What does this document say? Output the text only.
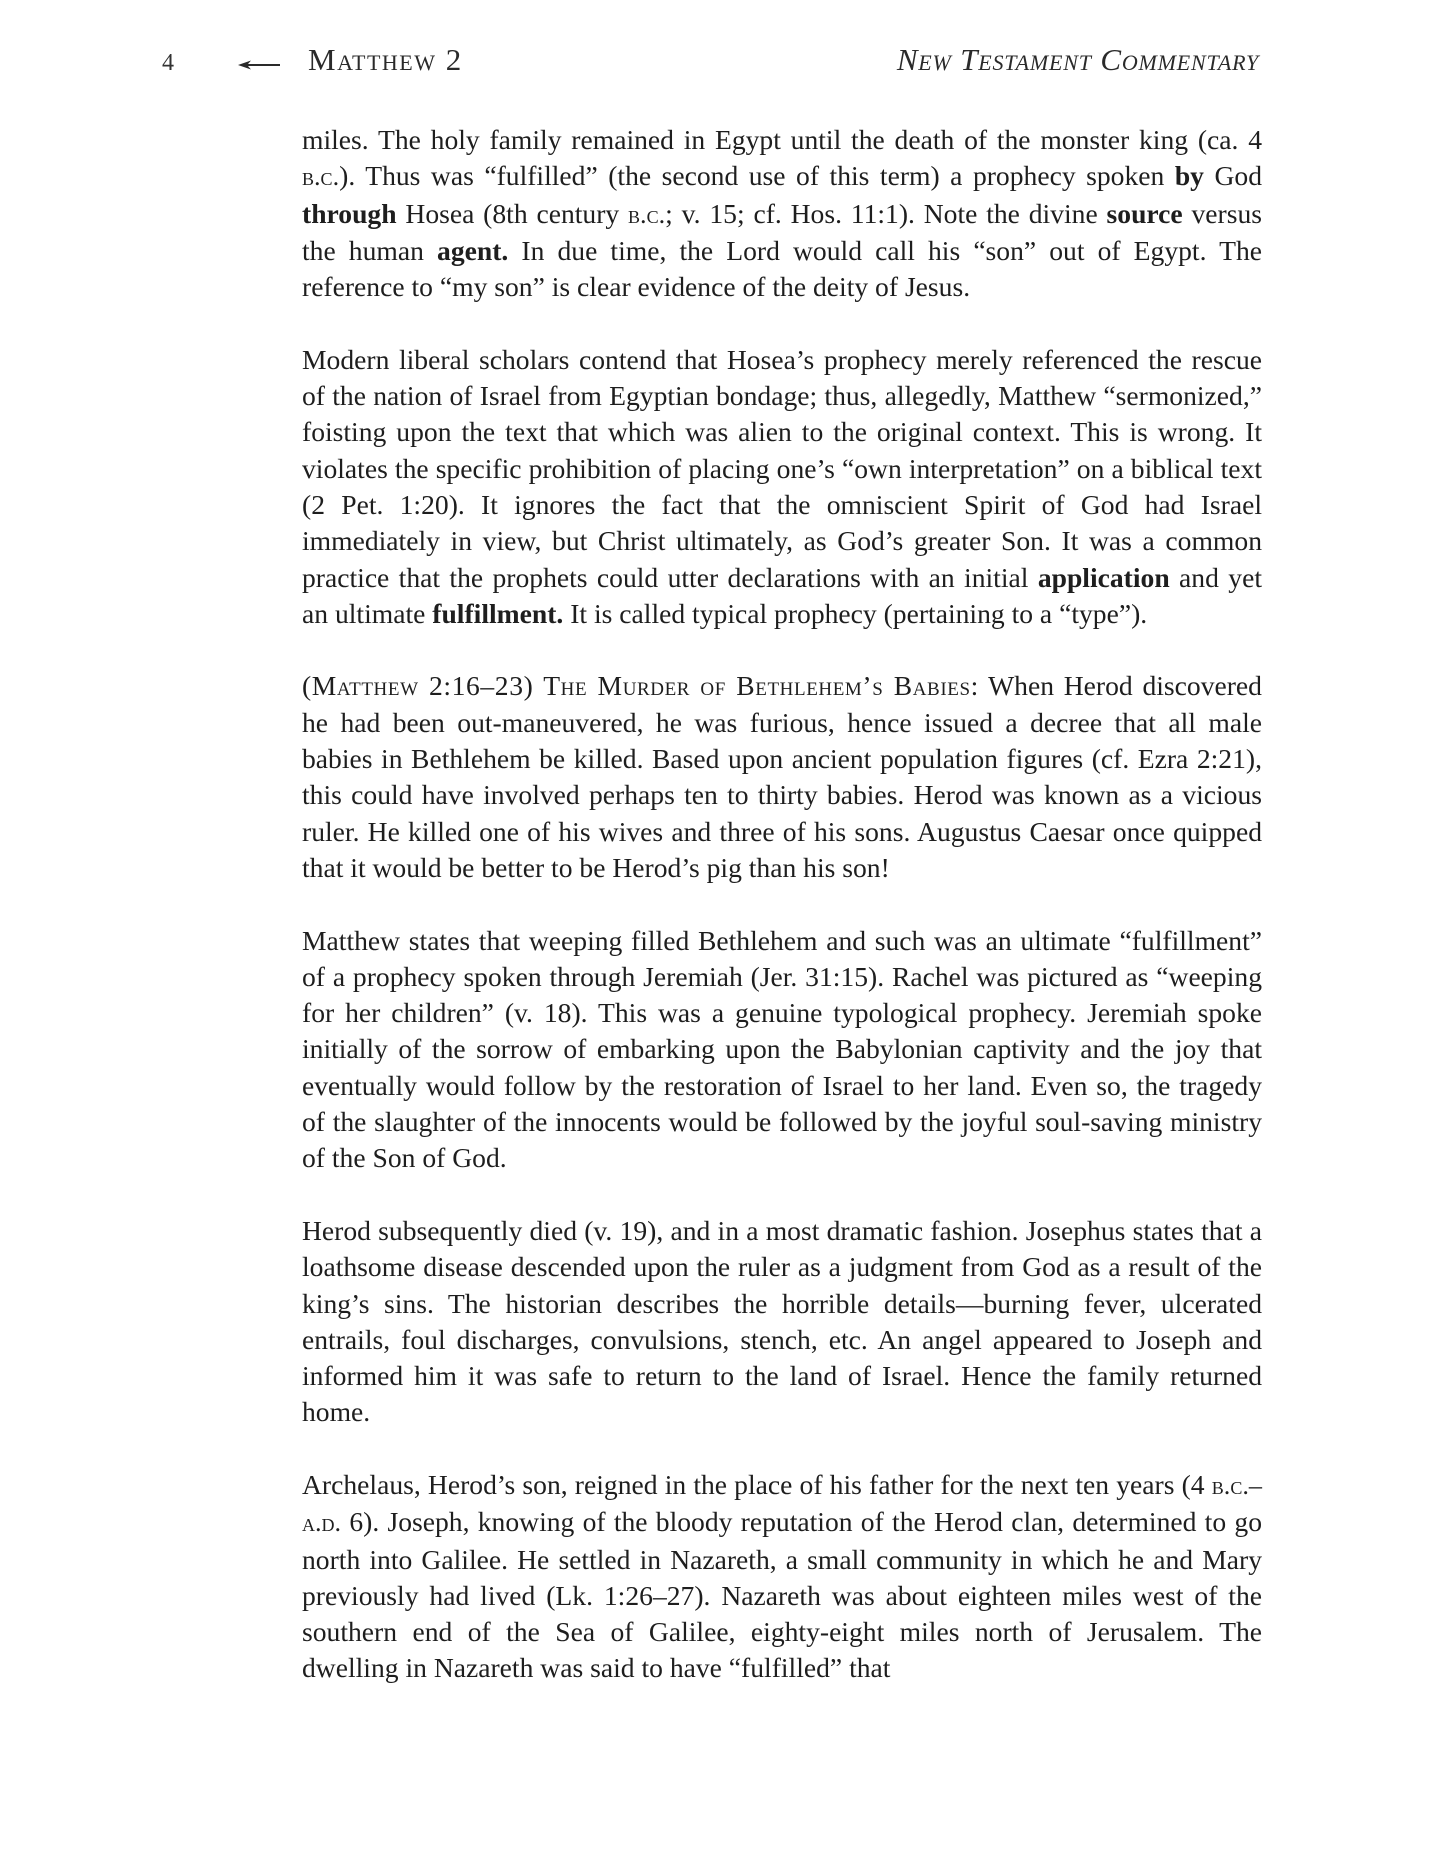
4	Matthew 2	New Testament Commentary

miles. The holy family remained in Egypt until the death of the monster king (ca. 4 b.c.). Thus was “fulfilled” (the second use of this term) a prophecy spoken by God through Hosea (8th century b.c.; v. 15; cf. Hos. 11:1). Note the divine source versus the human agent. In due time, the Lord would call his “son” out of Egypt. The reference to “my son” is clear evidence of the deity of Jesus.

Modern liberal scholars contend that Hosea’s prophecy merely referenced the rescue of the nation of Israel from Egyptian bondage; thus, allegedly, Matthew “sermonized,” foisting upon the text that which was alien to the original context. This is wrong. It violates the specific prohibition of placing one’s “own interpretation” on a biblical text (2 Pet. 1:20). It ignores the fact that the omniscient Spirit of God had Israel immediately in view, but Christ ultimately, as God’s greater Son. It was a common practice that the prophets could utter declarations with an initial application and yet an ultimate fulfillment. It is called typical prophecy (pertaining to a “type”).

(Matthew 2:16–23) The Murder of Bethlehem’s Babies: When Herod discovered he had been out-maneuvered, he was furious, hence issued a decree that all male babies in Bethlehem be killed. Based upon ancient population figures (cf. Ezra 2:21), this could have involved perhaps ten to thirty babies. Herod was known as a vicious ruler. He killed one of his wives and three of his sons. Augustus Caesar once quipped that it would be better to be Herod’s pig than his son!

Matthew states that weeping filled Bethlehem and such was an ultimate “fulfillment” of a prophecy spoken through Jeremiah (Jer. 31:15). Rachel was pictured as “weeping for her children” (v. 18). This was a genuine typological prophecy. Jeremiah spoke initially of the sorrow of embarking upon the Babylonian captivity and the joy that eventually would follow by the restoration of Israel to her land. Even so, the tragedy of the slaughter of the innocents would be followed by the joyful soul-saving ministry of the Son of God.

Herod subsequently died (v. 19), and in a most dramatic fashion. Josephus states that a loathsome disease descended upon the ruler as a judgment from God as a result of the king’s sins. The historian describes the horrible details—burning fever, ulcerated entrails, foul discharges, convulsions, stench, etc. An angel appeared to Joseph and informed him it was safe to return to the land of Israel. Hence the family returned home.

Archelaus, Herod’s son, reigned in the place of his father for the next ten years (4 b.c.–a.d. 6). Joseph, knowing of the bloody reputation of the Herod clan, determined to go north into Galilee. He settled in Nazareth, a small community in which he and Mary previously had lived (Lk. 1:26–27). Nazareth was about eighteen miles west of the southern end of the Sea of Galilee, eighty-eight miles north of Jerusalem. The dwelling in Nazareth was said to have “fulfilled” that
